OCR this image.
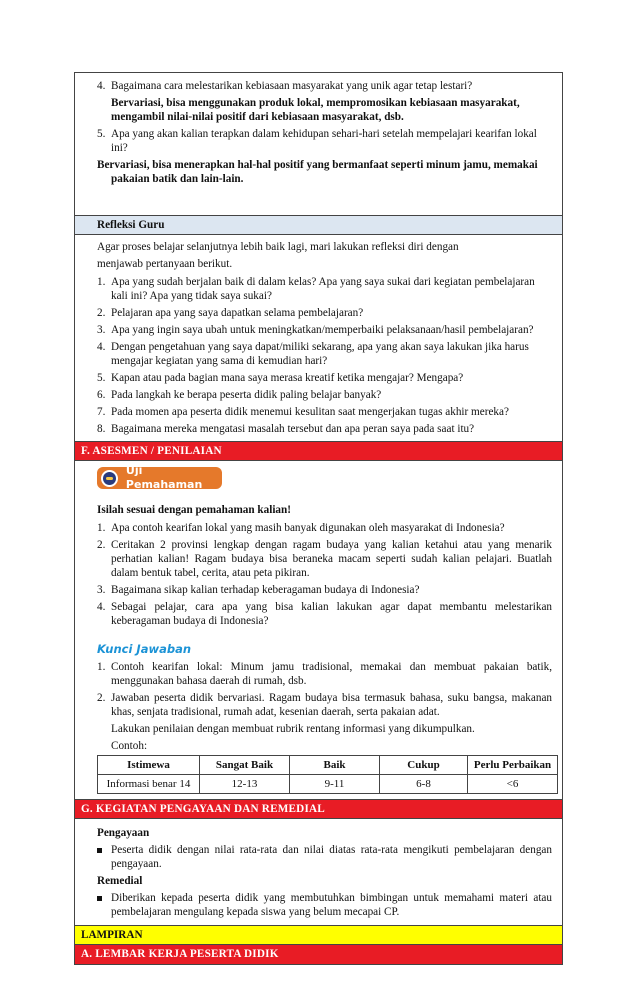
4. Bagaimana cara melestarikan kebiasaan masyarakat yang unik agar tetap lestari?
Bervariasi, bisa menggunakan produk lokal, mempromosikan kebiasaan masyarakat, mengambil nilai-nilai positif dari kebiasaan masyarakat, dsb.
5. Apa yang akan kalian terapkan dalam kehidupan sehari-hari setelah mempelajari kearifan lokal ini?
Bervariasi, bisa menerapkan hal-hal positif yang bermanfaat seperti minum jamu, memakai
pakaian batik dan lain-lain.
Refleksi Guru
Agar proses belajar selanjutnya lebih baik lagi, mari lakukan refleksi diri dengan
menjawab pertanyaan berikut.
1. Apa yang sudah berjalan baik di dalam kelas? Apa yang saya sukai dari kegiatan pembelajaran kali ini? Apa yang tidak saya sukai?
2. Pelajaran apa yang saya dapatkan selama pembelajaran?
3. Apa yang ingin saya ubah untuk meningkatkan/memperbaiki pelaksanaan/hasil pembelajaran?
4. Dengan pengetahuan yang saya dapat/miliki sekarang, apa yang akan saya lakukan jika harus mengajar kegiatan yang sama di kemudian hari?
5. Kapan atau pada bagian mana saya merasa kreatif ketika mengajar? Mengapa?
6. Pada langkah ke berapa peserta didik paling belajar banyak?
7. Pada momen apa peserta didik menemui kesulitan saat mengerjakan tugas akhir mereka?
8. Bagaimana mereka mengatasi masalah tersebut dan apa peran saya pada saat itu?
F. ASESMEN / PENILAIAN
Uji Pemahaman
Isilah sesuai dengan pemahaman kalian!
1. Apa contoh kearifan lokal yang masih banyak digunakan oleh masyarakat di Indonesia?
2. Ceritakan 2 provinsi lengkap dengan ragam budaya yang kalian ketahui atau yang menarik perhatian kalian! Ragam budaya bisa beraneka macam seperti sudah kalian pelajari. Buatlah dalam bentuk tabel, cerita, atau peta pikiran.
3. Bagaimana sikap kalian terhadap keberagaman budaya di Indonesia?
4. Sebagai pelajar, cara apa yang bisa kalian lakukan agar dapat membantu melestarikan keberagaman budaya di Indonesia?
Kunci Jawaban
1. Contoh kearifan lokal: Minum jamu tradisional, memakai dan membuat pakaian batik, menggunakan bahasa daerah di rumah, dsb.
2. Jawaban peserta didik bervariasi. Ragam budaya bisa termasuk bahasa, suku bangsa, makanan khas, senjata tradisional, rumah adat, kesenian daerah, serta pakaian adat.
Lakukan penilaian dengan membuat rubrik rentang informasi yang dikumpulkan.
Contoh:
Istimewa	Sangat Baik	Baik	Cukup	Perlu Perbaikan
Informasi benar 14	12-13	9-11	6-8	<6
G. KEGIATAN PENGAYAAN DAN REMEDIAL
Pengayaan
Peserta didik dengan nilai rata-rata dan nilai diatas rata-rata mengikuti pembelajaran dengan pengayaan.
Remedial
Diberikan kepada peserta didik yang membutuhkan bimbingan untuk memahami materi atau pembelajaran mengulang kepada siswa yang belum mecapai CP.
LAMPIRAN
A. LEMBAR KERJA PESERTA DIDIK
